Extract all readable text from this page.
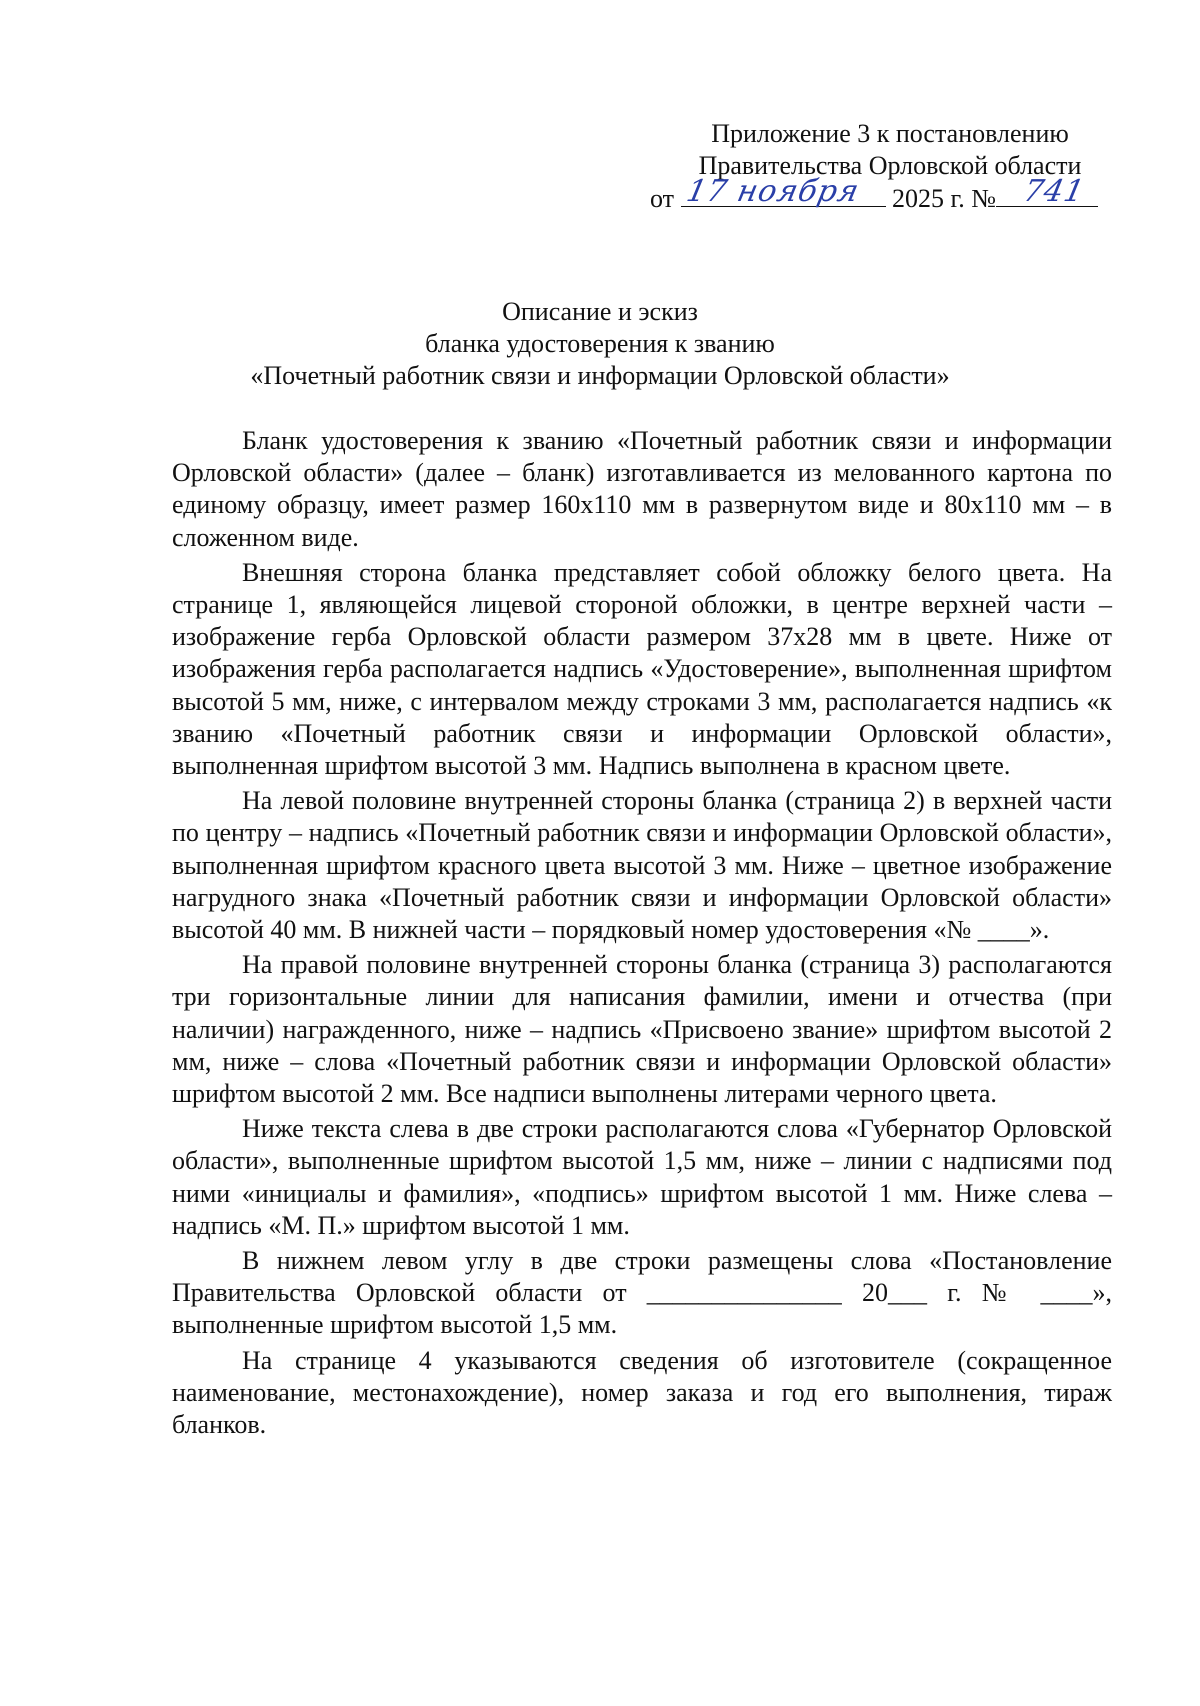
Приложение 3 к постановлению
Правительства Орловской области
от 17 ноября 2025 г. № 741
Описание и эскиз
бланка удостоверения к званию
«Почетный работник связи и информации Орловской области»

Бланк удостоверения к званию «Почетный работник связи и информации Орловской области» (далее – бланк) изготавливается из мелованного картона по единому образцу, имеет размер 160x110 мм в развернутом виде и 80x110 мм – в сложенном виде.

Внешняя сторона бланка представляет собой обложку белого цвета. На странице 1, являющейся лицевой стороной обложки, в центре верхней части – изображение герба Орловской области размером 37x28 мм в цвете. Ниже от изображения герба располагается надпись «Удостоверение», выполненная шрифтом высотой 5 мм, ниже, с интервалом между строками 3 мм, располагается надпись «к званию «Почетный работник связи и информации Орловской области», выполненная шрифтом высотой 3 мм. Надпись выполнена в красном цвете.

На левой половине внутренней стороны бланка (страница 2) в верхней части по центру – надпись «Почетный работник связи и информации Орловской области», выполненная шрифтом красного цвета высотой 3 мм. Ниже – цветное изображение нагрудного знака «Почетный работник связи и информации Орловской области» высотой 40 мм. В нижней части – порядковый номер удостоверения «№ ____».

На правой половине внутренней стороны бланка (страница 3) располагаются три горизонтальные линии для написания фамилии, имени и отчества (при наличии) награжденного, ниже – надпись «Присвоено звание» шрифтом высотой 2 мм, ниже – слова «Почетный работник связи и информации Орловской области» шрифтом высотой 2 мм. Все надписи выполнены литерами черного цвета.

Ниже текста слева в две строки располагаются слова «Губернатор Орловской области», выполненные шрифтом высотой 1,5 мм, ниже – линии с надписями под ними «инициалы и фамилия», «подпись» шрифтом высотой 1 мм. Ниже слева – надпись «М. П.» шрифтом высотой 1 мм.

В нижнем левом углу в две строки размещены слова «Постановление Правительства Орловской области от _______________ 20___ г. № ____», выполненные шрифтом высотой 1,5 мм.

На странице 4 указываются сведения об изготовителе (сокращенное наименование, местонахождение), номер заказа и год его выполнения, тираж бланков.
